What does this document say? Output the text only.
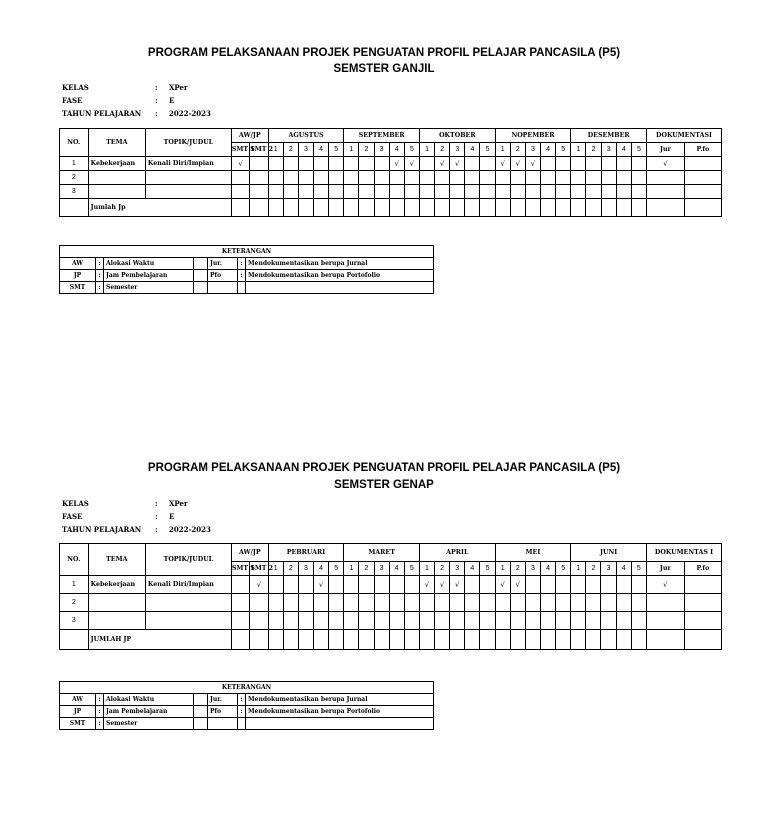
PROGRAM PELAKSANAAN PROJEK PENGUATAN PROFIL PELAJAR PANCASILA (P5)
SEMSTER GANJIL
KELAS	:	XPer
FASE	:	E
TAHUN PELAJARAN	:	2022-2023
NO.	TEMA	TOPIK/JUDUL	AW/JP		AGUSTUS					SEPTEMBER					OKTOBER					NOPEMBER					DESEMBER					DOKUMENTASI	
			SMT 1	SMT 2	1	2	3	4	5	1	2	3	4	5	1	2	3	4	5	1	2	3	4	5	1	2	3	4	5	Jur	P.fo
1	Kebekerjaan	Kenali Diri/Impian	√										√	√		√	√			√	√	√								√	
2																															
3																															
	Jumlah Jp																														
KETERANGAN						
AW	:	Alokasi Waktu		Jur.	:	Mendokumentasikan berupa Jurnal
JP	:	Jam Pembelajaran		Pfo	:	Mendokumentasikan berupa Portofolio
SMT	:	Semester				
PROGRAM PELAKSANAAN PROJEK PENGUATAN PROFIL PELAJAR PANCASILA (P5)
SEMSTER GENAP
KELAS	:	XPer
FASE	:	E
TAHUN PELAJARAN	:	2022-2023
NO.	TEMA	TOPIK/JUDUL	AW/JP		PEBRUARI					MARET					APRIL					MEI					JUNI					DOKUMENTAS I	
			SMT 1	SMT 2	1	2	3	4	5	1	2	3	4	5	1	2	3	4	5	1	2	3	4	5	1	2	3	4	5	Jur	P.fo
1	Kebekerjaan	Kenali Diri/Impian		√				√							√	√	√			√	√									√	
2																															
3																															
	JUMLAH JP																														
KETERANGAN						
AW	:	Alokasi Waktu		Jur.	:	Mendokumentasikan berupa Jurnal
JP	:	Jam Pembelajaran		Pfo	:	Mendokumentasikan berupa Portofolio
SMT	:	Semester				
